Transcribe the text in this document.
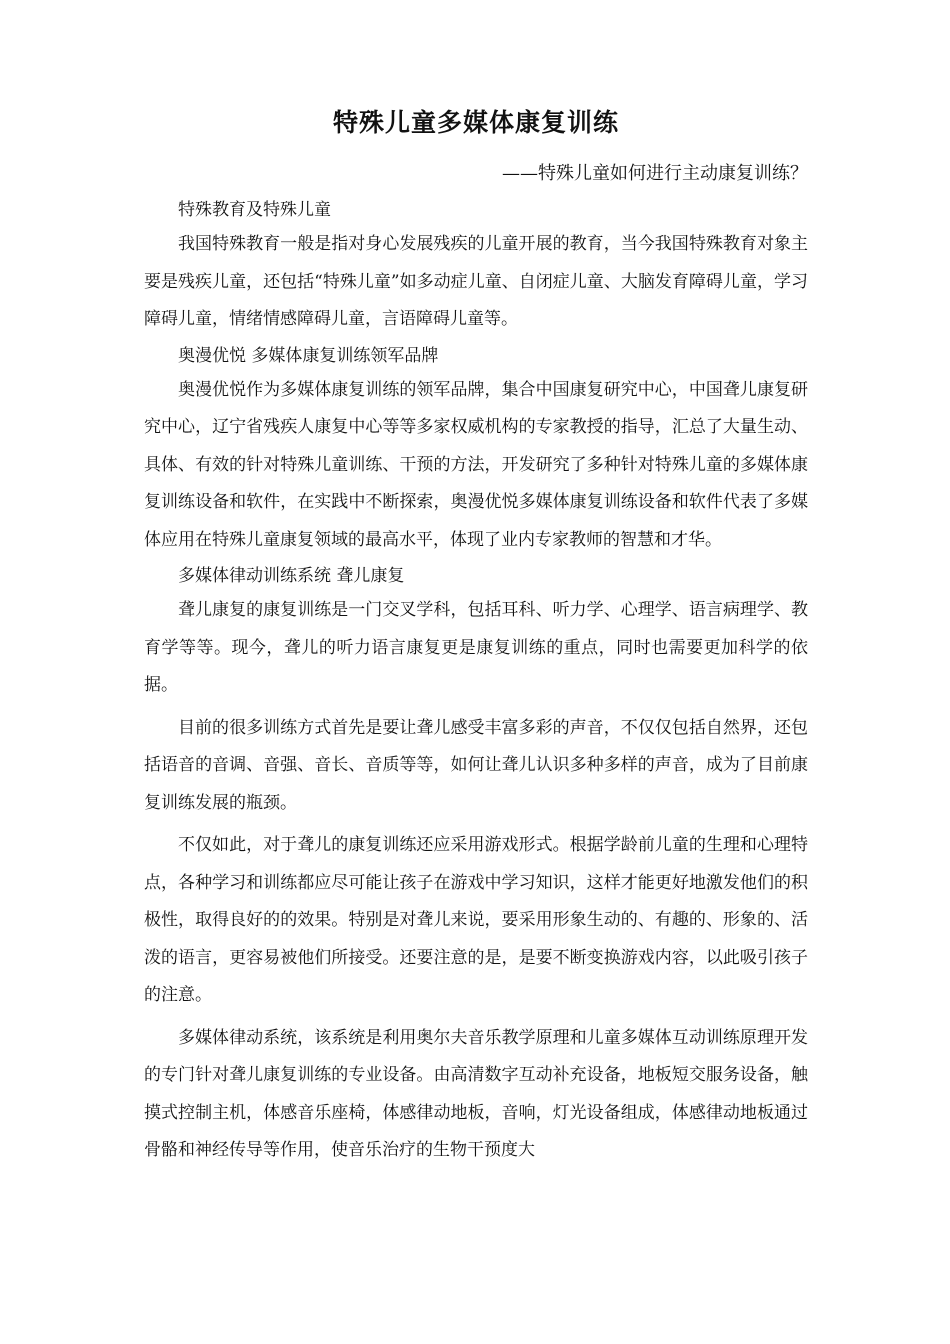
特殊儿童多媒体康复训练

——特殊儿童如何进行主动康复训练？

特殊教育及特殊儿童

我国特殊教育一般是指对身心发展残疾的儿童开展的教育，当今我国特殊教育对象主要是残疾儿童，还包括“特殊儿童”如多动症儿童、自闭症儿童、大脑发育障碍儿童，学习障碍儿童，情绪情感障碍儿童，言语障碍儿童等。

奥漫优悦 多媒体康复训练领军品牌

奥漫优悦作为多媒体康复训练的领军品牌，集合中国康复研究中心，中国聋儿康复研究中心，辽宁省残疾人康复中心等等多家权威机构的专家教授的指导，汇总了大量生动、具体、有效的针对特殊儿童训练、干预的方法，开发研究了多种针对特殊儿童的多媒体康复训练设备和软件，在实践中不断探索，奥漫优悦多媒体康复训练设备和软件代表了多媒体应用在特殊儿童康复领域的最高水平，体现了业内专家教师的智慧和才华。

多媒体律动训练系统 聋儿康复

聋儿康复的康复训练是一门交叉学科，包括耳科、听力学、心理学、语言病理学、教育学等等。现今，聋儿的听力语言康复更是康复训练的重点，同时也需要更加科学的依据。

目前的很多训练方式首先是要让聋儿感受丰富多彩的声音，不仅仅包括自然界，还包括语音的音调、音强、音长、音质等等，如何让聋儿认识多种多样的声音，成为了目前康复训练发展的瓶颈。

不仅如此，对于聋儿的康复训练还应采用游戏形式。根据学龄前儿童的生理和心理特点，各种学习和训练都应尽可能让孩子在游戏中学习知识，这样才能更好地激发他们的积极性，取得良好的的效果。特别是对聋儿来说，要采用形象生动的、有趣的、形象的、活泼的语言，更容易被他们所接受。还要注意的是，是要不断变换游戏内容，以此吸引孩子的注意。

多媒体律动系统，该系统是利用奥尔夫音乐教学原理和儿童多媒体互动训练原理开发的专门针对聋儿康复训练的专业设备。由高清数字互动补充设备，地板短交服务设备，触摸式控制主机，体感音乐座椅，体感律动地板，音响，灯光设备组成，体感律动地板通过骨骼和神经传导等作用，使音乐治疗的生物干预度大
